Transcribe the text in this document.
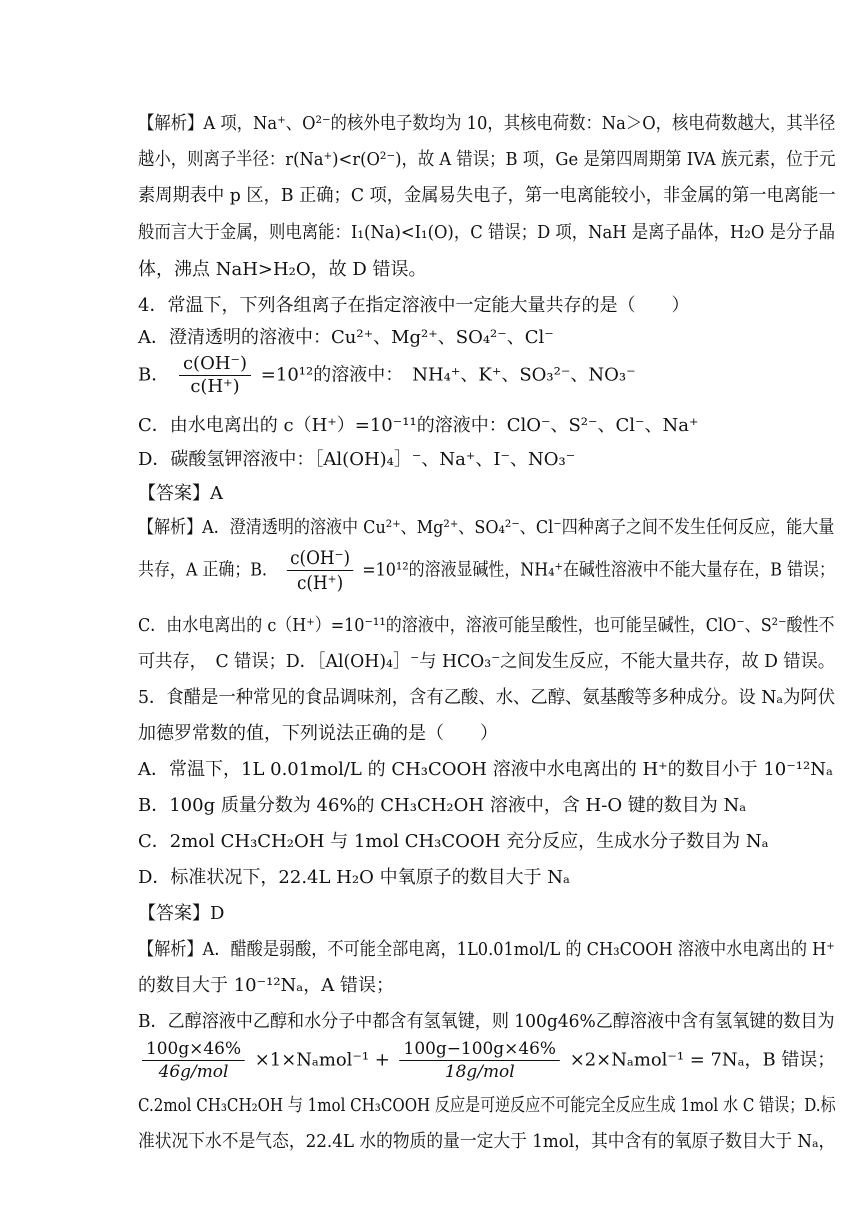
【解析】A 项，Na⁺、O²⁻的核外电子数均为 10，其核电荷数：Na＞O，核电荷数越大，其半径
越小，则离子半径：r(Na⁺)<r(O²⁻)，故 A 错误；B 项，Ge 是第四周期第 IVA 族元素，位于元
素周期表中 p 区，B 正确；C 项，金属易失电子，第一电离能较小，非金属的第一电离能一
般而言大于金属，则电离能：I₁(Na)<I₁(O)，C 错误；D 项，NaH 是离子晶体，H₂O 是分子晶
体，沸点 NaH>H₂O，故 D 错误。
4．常温下，下列各组离子在指定溶液中一定能大量共存的是（　　）
A．澄清透明的溶液中：Cu²⁺、Mg²⁺、SO₄²⁻、Cl⁻
B． $\frac{c(OH^-)}{c(H^+)} =10^{12}$的溶液中：　NH₄⁺、K⁺、SO₃²⁻、NO₃⁻
C．由水电离出的 c（H⁺）=10⁻¹¹的溶液中：ClO⁻、S²⁻、Cl⁻、Na⁺
D．碳酸氢钾溶液中：［Al(OH)₄］⁻、Na⁺、I⁻、NO₃⁻
【答案】A
【解析】A．澄清透明的溶液中 Cu²⁺、Mg²⁺、SO₄²⁻、Cl⁻四种离子之间不发生任何反应，能大量
共存，A 正确；B． $\frac{c(OH^-)}{c(H^+)} =10^{12}$的溶液显碱性，NH₄⁺在碱性溶液中不能大量存在，B 错误；
C．由水电离出的 c（H⁺）=10⁻¹¹的溶液中，溶液可能呈酸性，也可能呈碱性，ClO⁻、S²⁻酸性不
可共存，　C 错误；D．［Al(OH)₄］⁻与 HCO₃⁻之间发生反应，不能大量共存，故 D 错误。
5．食醋是一种常见的食品调味剂，含有乙酸、水、乙醇、氨基酸等多种成分。设 Nₐ为阿伏
加德罗常数的值，下列说法正确的是（　　）
A．常温下，1L 0.01mol/L 的 CH₃COOH 溶液中水电离出的 H⁺的数目小于 10⁻¹²Nₐ
B．100g 质量分数为 46%的 CH₃CH₂OH 溶液中，含 H-O 键的数目为 Nₐ
C．2mol CH₃CH₂OH 与 1mol CH₃COOH 充分反应，生成水分子数目为 Nₐ
D．标准状况下，22.4L H₂O 中氧原子的数目大于 Nₐ
【答案】D
【解析】A．醋酸是弱酸，不可能全部电离，1L0.01mol/L 的 CH₃COOH 溶液中水电离出的 H⁺
的数目大于 10⁻¹²Nₐ，A 错误；
B．乙醇溶液中乙醇和水分子中都含有氢氧键，则 100g46%乙醇溶液中含有氢氧键的数目为
$\frac{100g\times 46\%}{\text{46g/mol}} \times 1\times N_amol^{-1} + \frac{100g-100g\times 46\%}{\text{18g/mol}} \times 2\times N_amol^{-1} = 7N_a$，B 错误；
C.2mol CH₃CH₂OH 与 1mol CH₃COOH 反应是可逆反应不可能完全反应生成 1mol 水 C 错误；D.标
准状况下水不是气态，22.4L 水的物质的量一定大于 1mol，其中含有的氧原子数目大于 Nₐ，
